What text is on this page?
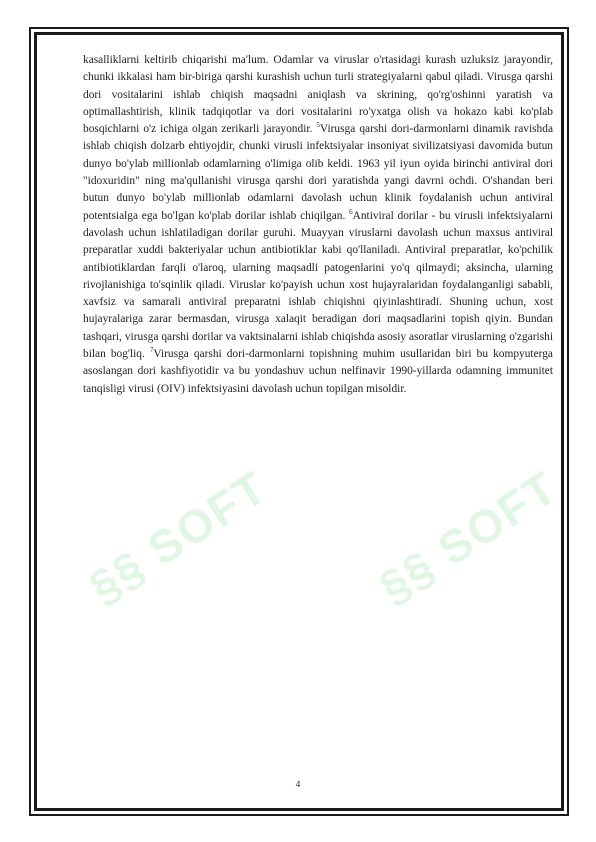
§§ SOFT §§ SOFT

kasalliklarni keltirib chiqarishi ma'lum. Odamlar va viruslar o'rtasidagi kurash uzluksiz jarayondir, chunki ikkalasi ham bir-biriga qarshi kurashish uchun turli strategiyalarni qabul qiladi. Virusga qarshi dori vositalarini ishlab chiqish maqsadni aniqlash va skrining, qo'rg'oshinni yaratish va optimallashtirish, klinik tadqiqotlar va dori vositalarini ro'yxatga olish va hokazo kabi ko'plab bosqichlarni o'z ichiga olgan zerikarli jarayondir. $^5$Virusga qarshi dori-darmonlarni dinamik ravishda ishlab chiqish dolzarb ehtiyojdir, chunki virusli infektsiyalar insoniyat sivilizatsiyasi davomida butun dunyo bo'ylab millionlab odamlarning o'limiga olib keldi. 1963 yil iyun oyida birinchi antiviral dori "idoxuridin" ning ma'qullanishi virusga qarshi dori yaratishda yangi davrni ochdi. O'shandan beri butun dunyo bo'ylab millionlab odamlarni davolash uchun klinik foydalanish uchun antiviral potentsialga ega bo'lgan ko'plab dorilar ishlab chiqilgan. $^6$Antiviral dorilar - bu virusli infektsiyalarni davolash uchun ishlatiladigan dorilar guruhi. Muayyan viruslarni davolash uchun maxsus antiviral preparatlar xuddi bakteriyalar uchun antibiotiklar kabi qo'llaniladi. Antiviral preparatlar, ko'pchilik antibiotiklardan farqli o'laroq, ularning maqsadli patogenlarini yo'q qilmaydi; aksincha, ularning rivojlanishiga to'sqinlik qiladi. Viruslar ko'payish uchun xost hujayralaridan foydalanganligi sababli, xavfsiz va samarali antiviral preparatni ishlab chiqishni qiyinlashtiradi. Shuning uchun, xost hujayralariga zarar bermasdan, virusga xalaqit beradigan dori maqsadlarini topish qiyin. Bundan tashqari, virusga qarshi dorilar va vaktsinalarni ishlab chiqishda asosiy asoratlar viruslarning o'zgarishi bilan bog'liq. $^7$Virusga qarshi dori-darmonlarni topishning muhim usullaridan biri bu kompyuterga asoslangan dori kashfiyotidir va bu yondashuv uchun nelfinavir 1990-yillarda odamning immunitet tanqisligi virusi (OIV) infektsiyasini davolash uchun topilgan misoldir.

4
